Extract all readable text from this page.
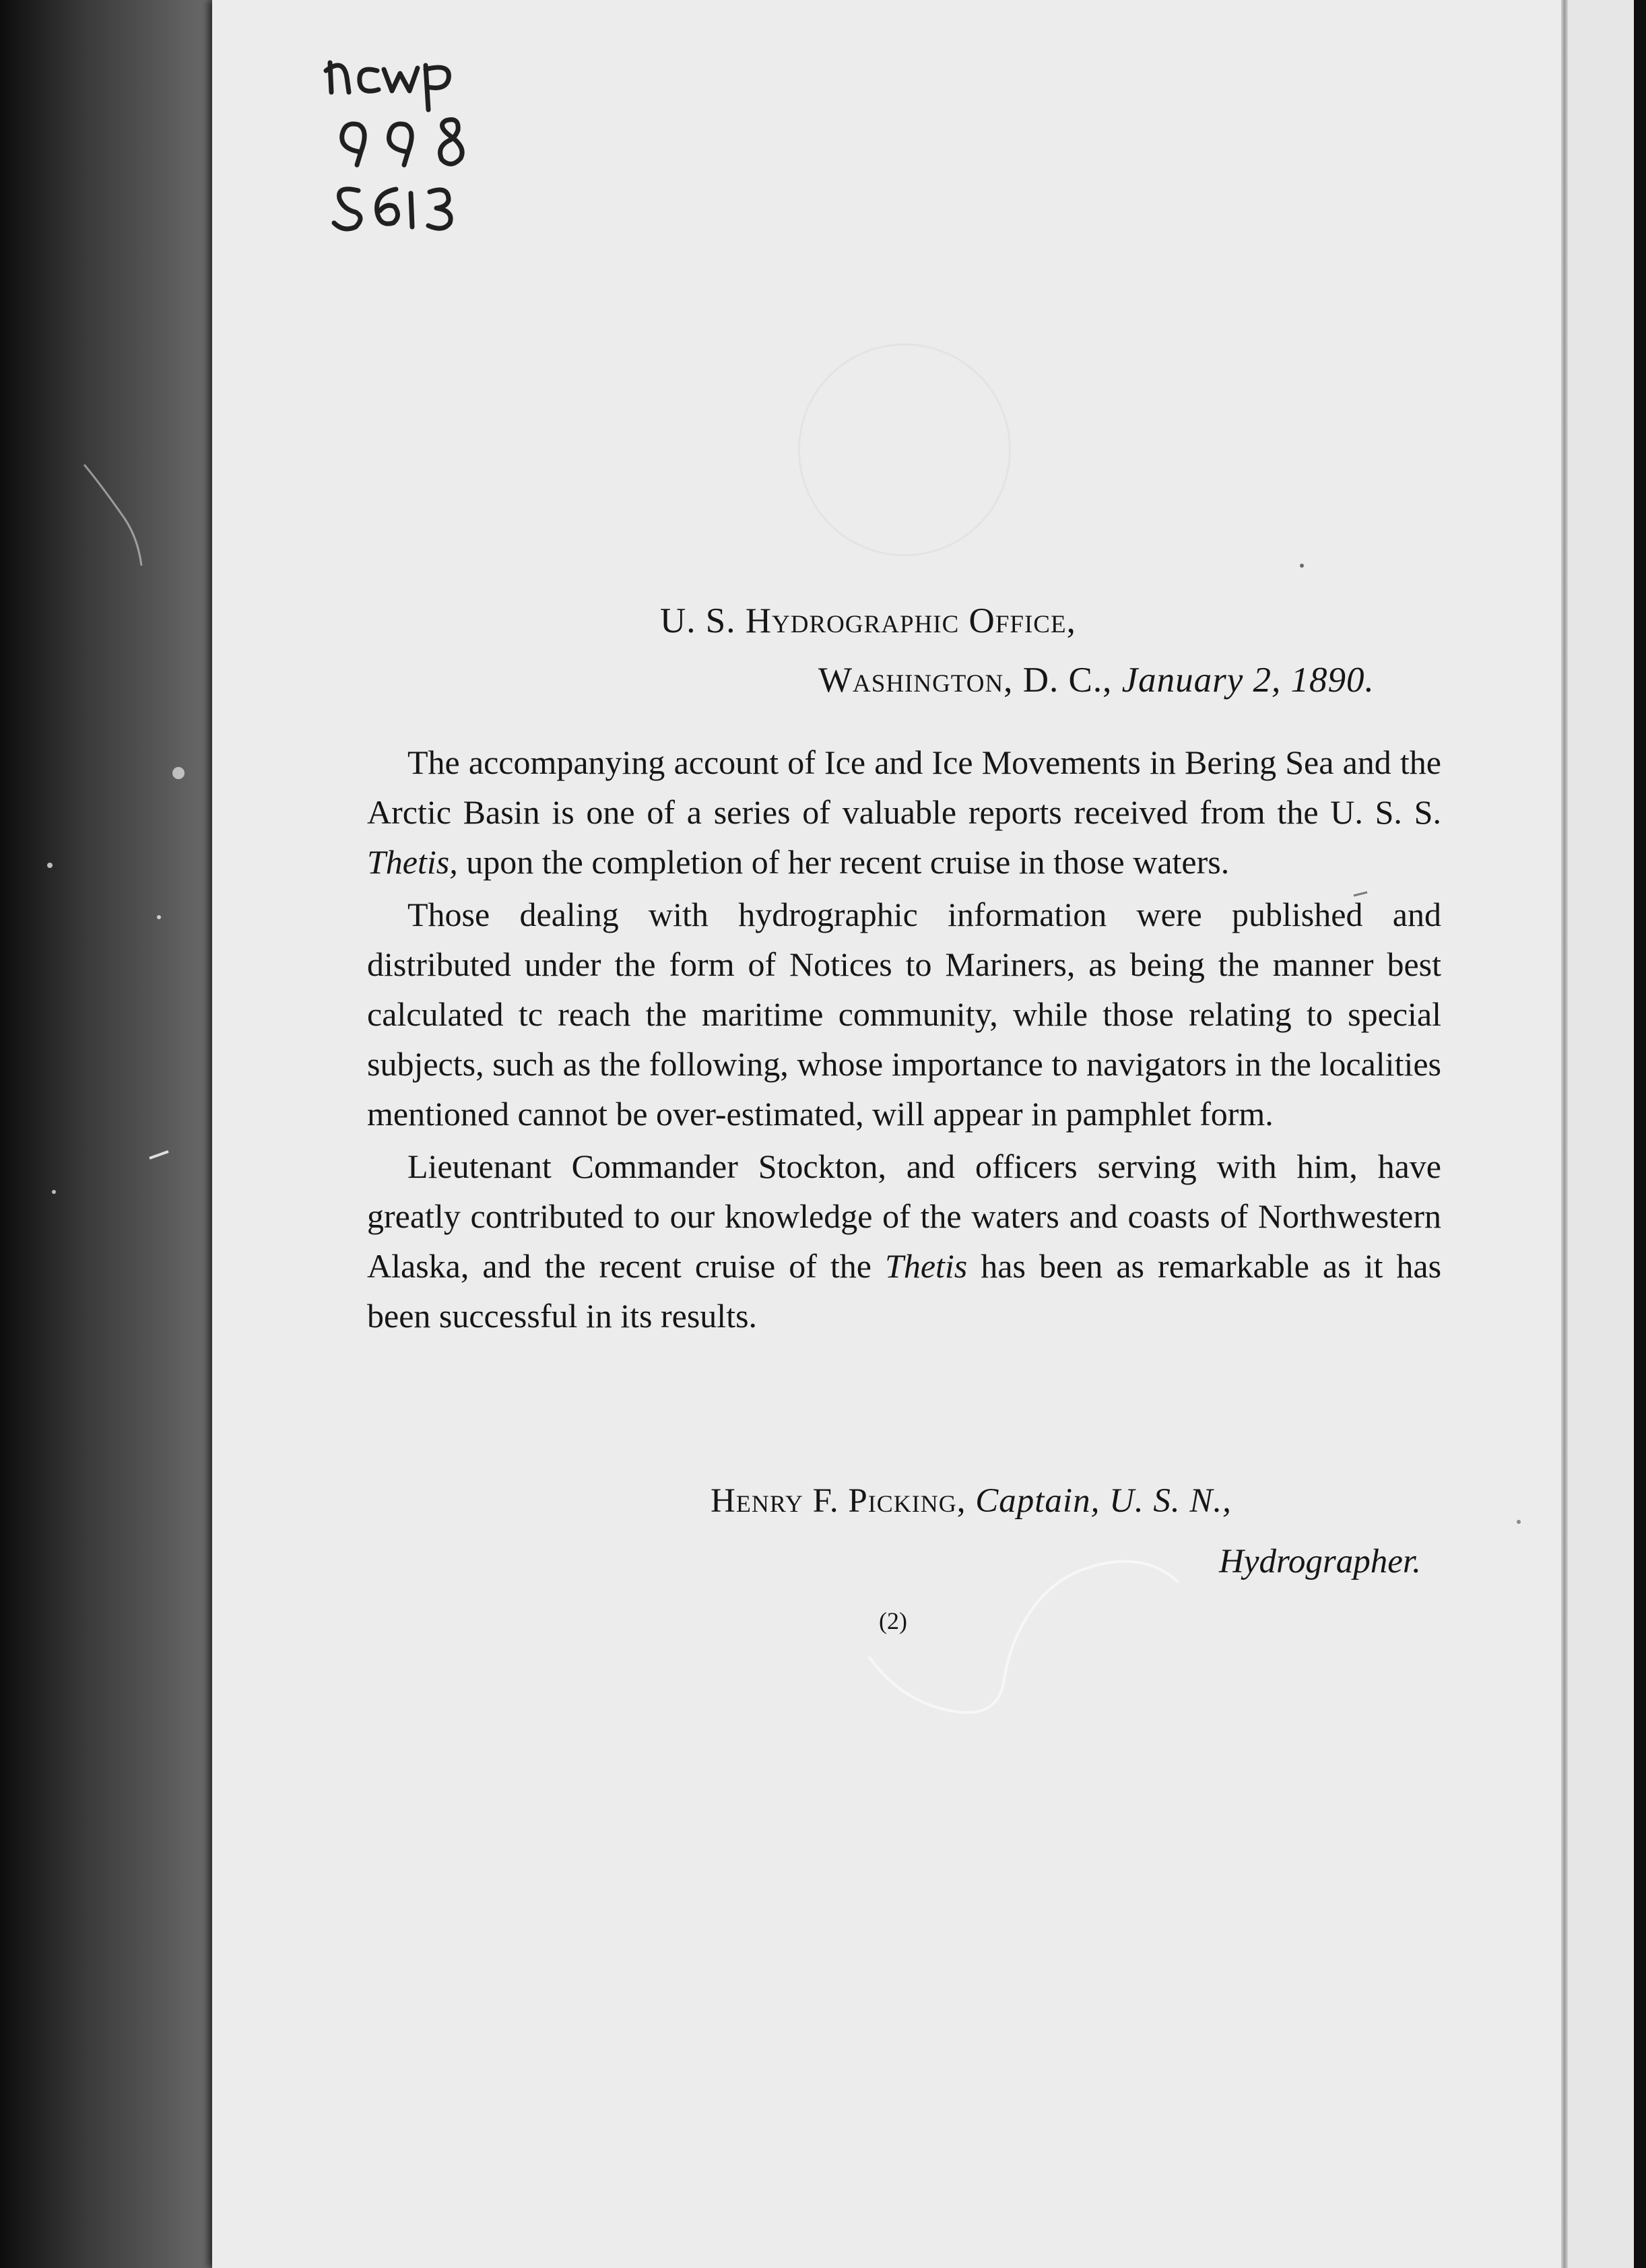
U. S. Hydrographic Office,
Washington, D. C., January 2, 1890.

The accompanying account of Ice and Ice Movements in Bering Sea and the Arctic Basin is one of a series of valuable reports received from the U. S. S. Thetis, upon the completion of her recent cruise in those waters.

Those dealing with hydrographic information were published and distributed under the form of Notices to Mariners, as being the manner best calculated tc reach the maritime community, while those relating to special subjects, such as the following, whose importance to navigators in the localities mentioned cannot be over-estimated, will appear in pamphlet form.

Lieutenant Commander Stockton, and officers serving with him, have greatly contributed to our knowledge of the waters and coasts of Northwestern Alaska, and the recent cruise of the Thetis has been as remarkable as it has been successful in its results.

Henry F. Picking, Captain, U. S. N.,
Hydrographer.
(2)
